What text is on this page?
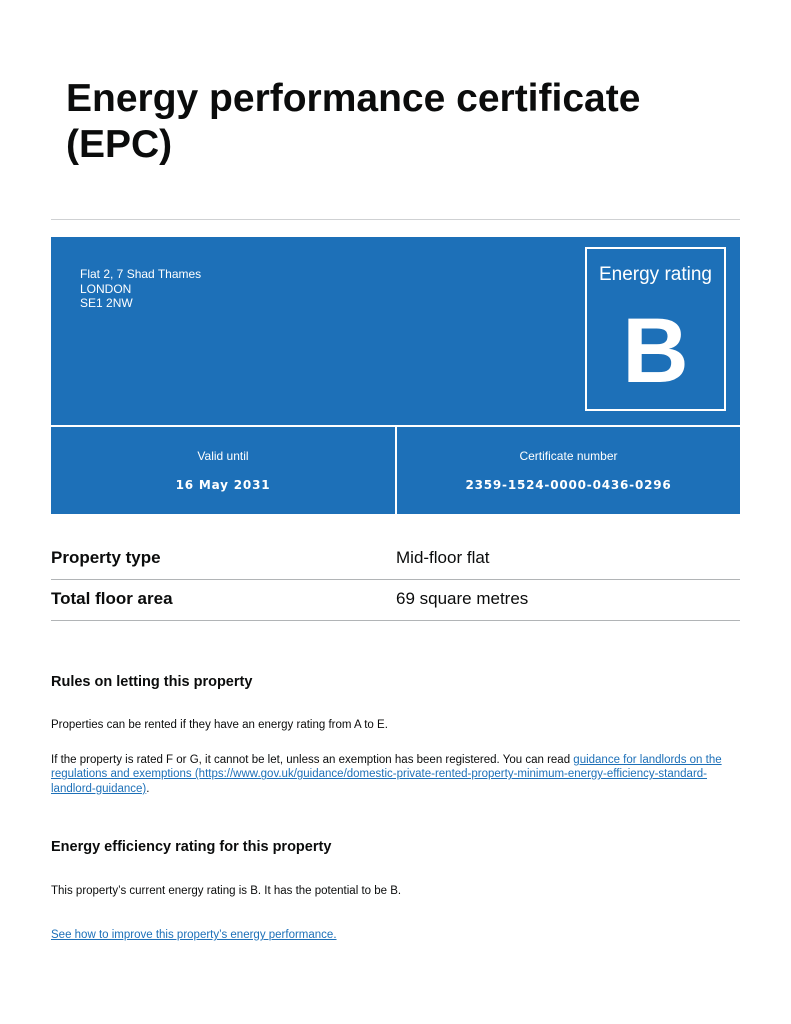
Energy performance certificate (EPC)
Flat 2, 7 Shad Thames
LONDON
SE1 2NW
Energy rating
B
Valid until
16 May 2031
Certificate number
2359-1524-0000-0436-0296
Property type	Mid-floor flat
Total floor area	69 square metres
Rules on letting this property

Properties can be rented if they have an energy rating from A to E.

If the property is rated F or G, it cannot be let, unless an exemption has been registered. You can read guidance for landlords on the regulations and exemptions (https://www.gov.uk/guidance/domestic-private-rented-property-minimum-energy-efficiency-standard-landlord-guidance).

Energy efficiency rating for this property

This property’s current energy rating is B. It has the potential to be B.

See how to improve this property’s energy performance.
